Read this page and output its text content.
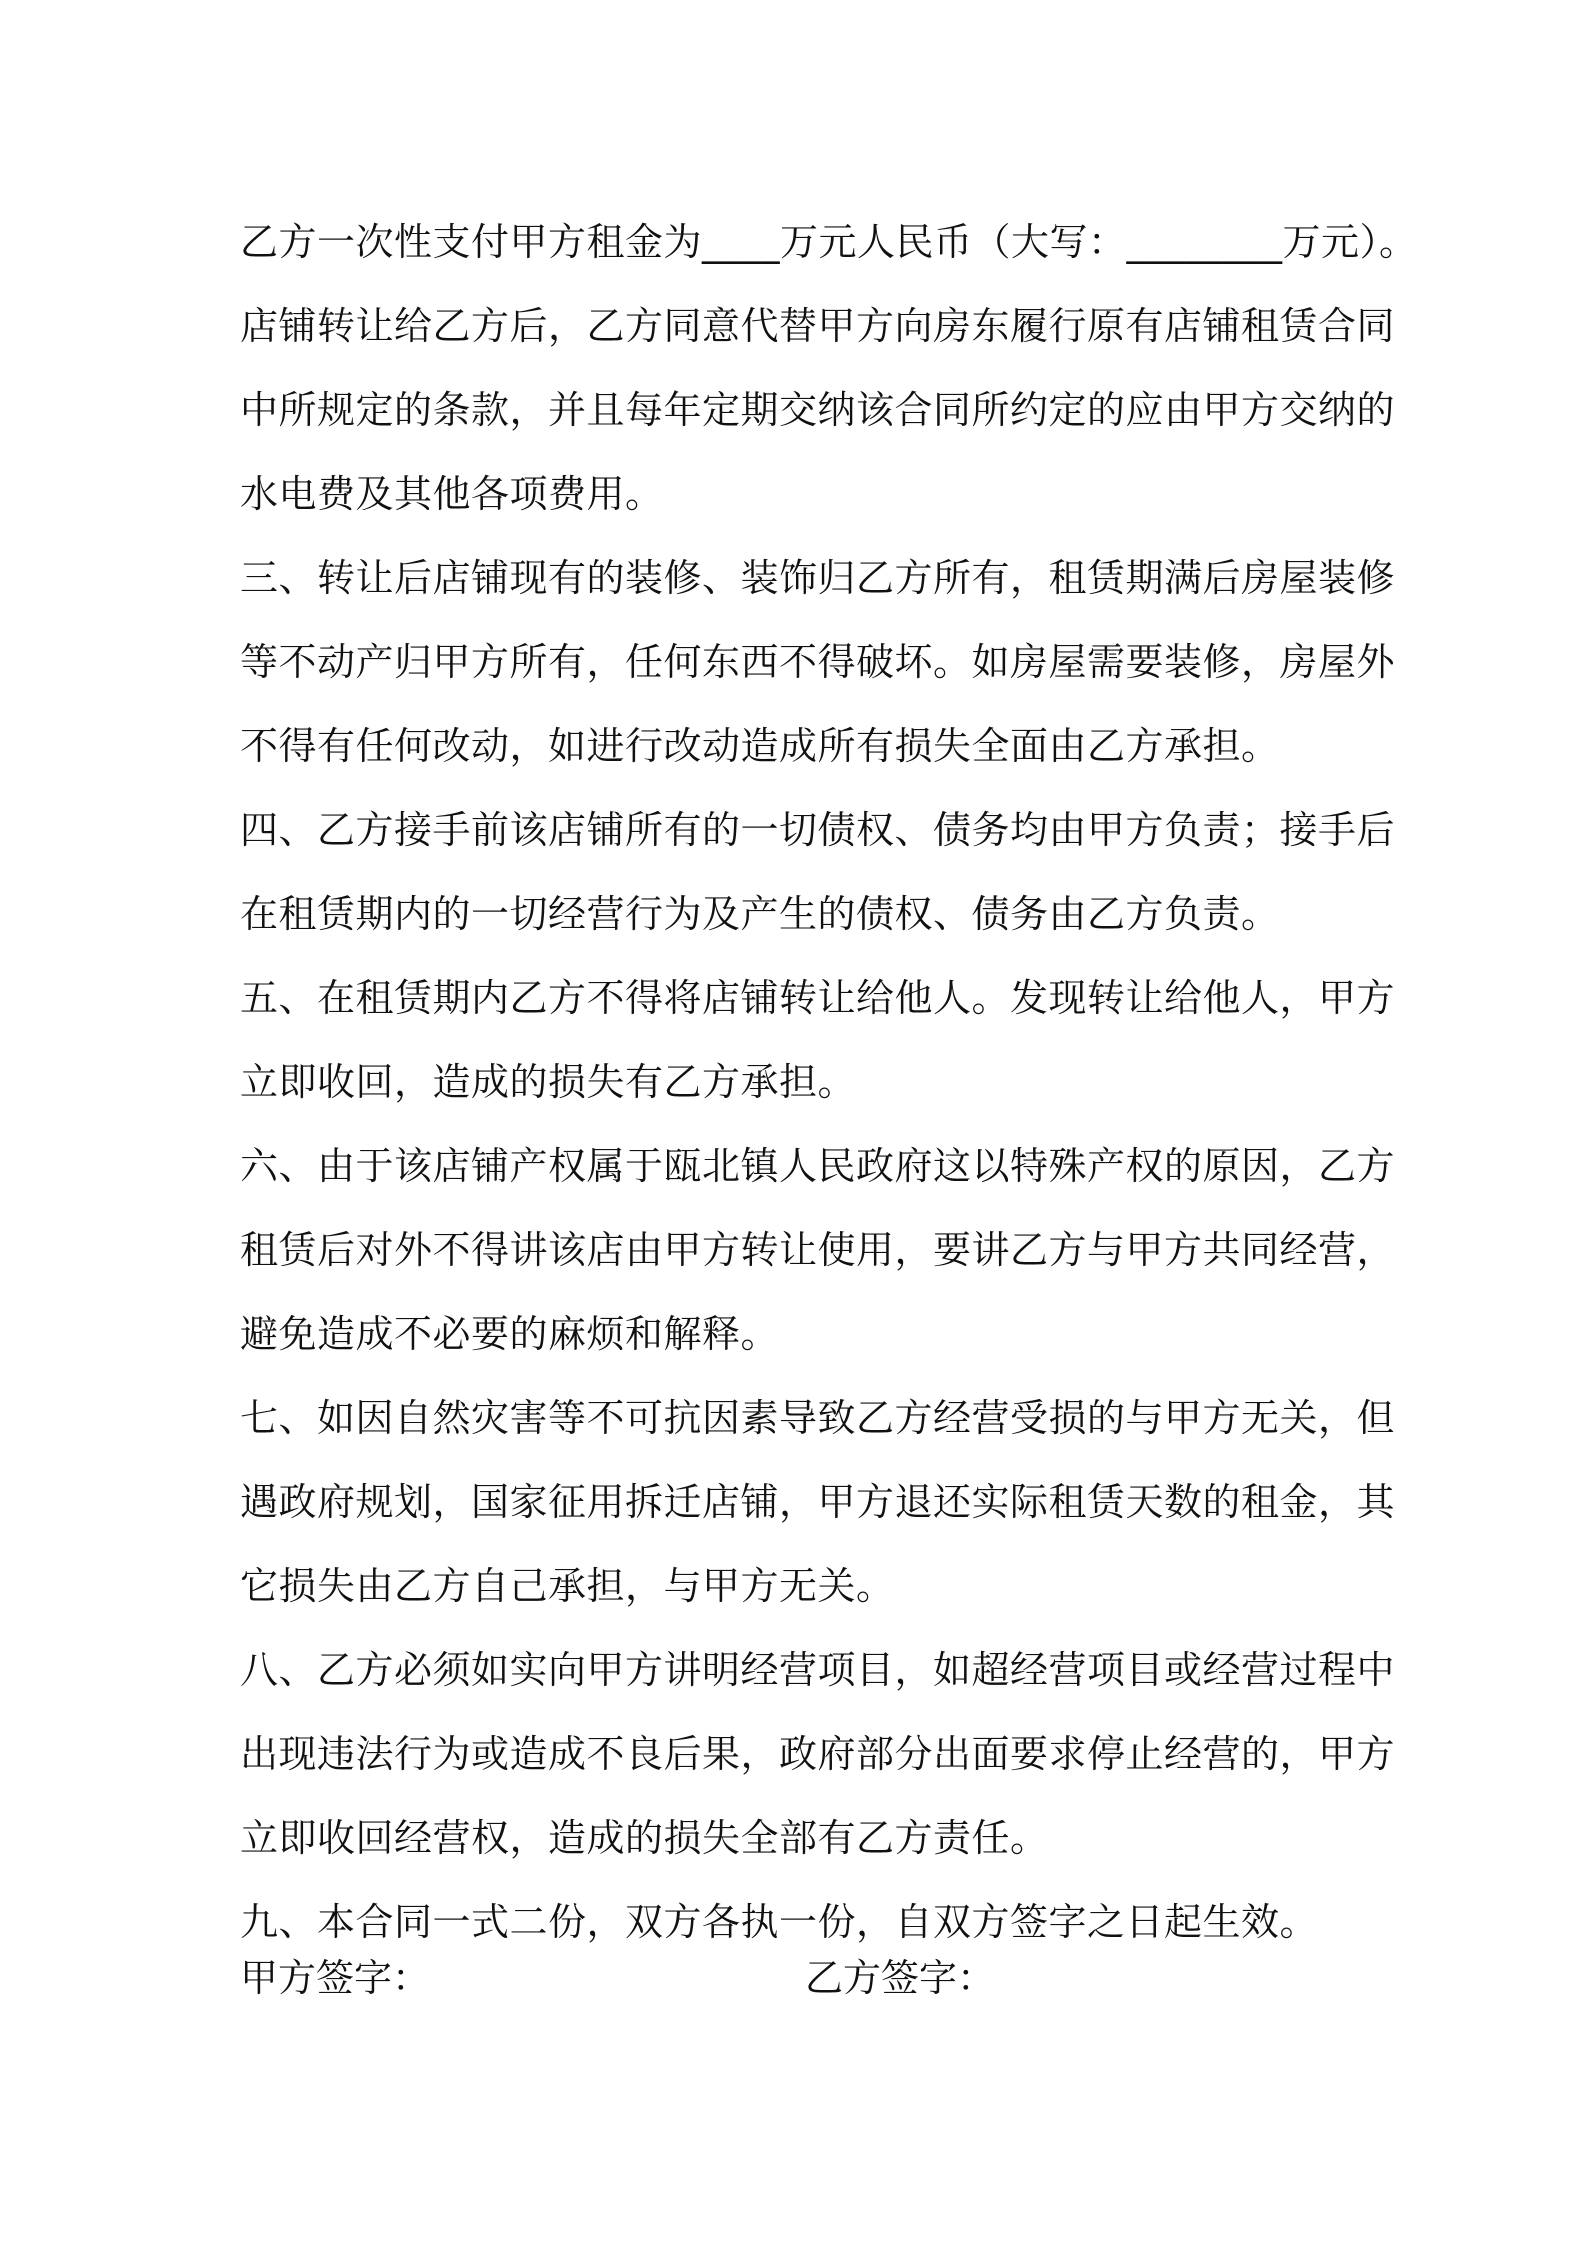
乙方一次性支付甲方租金为____万元人民币（大写：________万元）。
店铺转让给乙方后，乙方同意代替甲方向房东履行原有店铺租赁合同
中所规定的条款，并且每年定期交纳该合同所约定的应由甲方交纳的
水电费及其他各项费用。
三、转让后店铺现有的装修、装饰归乙方所有，租赁期满后房屋装修
等不动产归甲方所有，任何东西不得破坏。如房屋需要装修，房屋外
不得有任何改动，如进行改动造成所有损失全面由乙方承担。
四、乙方接手前该店铺所有的一切债权、债务均由甲方负责；接手后
在租赁期内的一切经营行为及产生的债权、债务由乙方负责。
五、在租赁期内乙方不得将店铺转让给他人。发现转让给他人，甲方
立即收回，造成的损失有乙方承担。
六、由于该店铺产权属于瓯北镇人民政府这以特殊产权的原因，乙方
租赁后对外不得讲该店由甲方转让使用，要讲乙方与甲方共同经营，
避免造成不必要的麻烦和解释。
七、如因自然灾害等不可抗因素导致乙方经营受损的与甲方无关，但
遇政府规划，国家征用拆迁店铺，甲方退还实际租赁天数的租金，其
它损失由乙方自己承担，与甲方无关。
八、乙方必须如实向甲方讲明经营项目，如超经营项目或经营过程中
出现违法行为或造成不良后果，政府部分出面要求停止经营的，甲方
立即收回经营权，造成的损失全部有乙方责任。
九、本合同一式二份，双方各执一份，自双方签字之日起生效。
甲方签字：	乙方签字：
